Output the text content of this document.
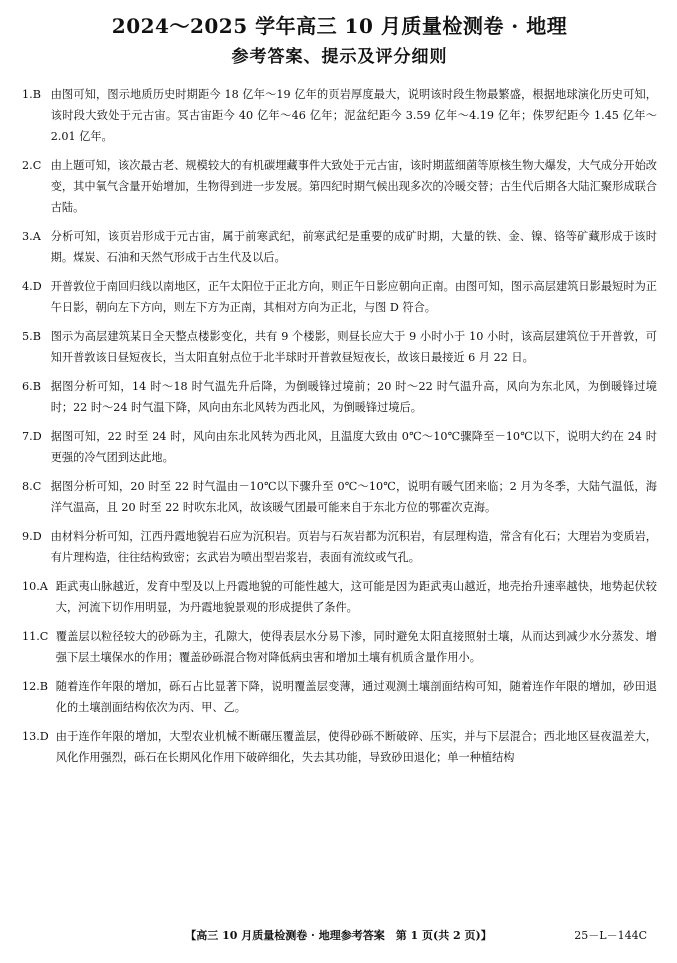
2024～2025 学年高三 10 月质量检测卷 · 地理
参考答案、提示及评分细则
1. B 由图可知，图示地质历史时期距今 18 亿年～19 亿年的页岩厚度最大，说明该时段生物最繁盛，根据地球演化历史可知，该时段大致处于元古宙。冥古宙距今 40 亿年～46 亿年；泥盆纪距今 3.59 亿年～4.19 亿年；侏罗纪距今 1.45 亿年～2.01 亿年。
2. C 由上题可知，该次最古老、规模较大的有机碳埋藏事件大致处于元古宙，该时期蓝细菌等原核生物大爆发，大气成分开始改变，其中氧气含量开始增加，生物得到进一步发展。第四纪时期气候出现多次的冷暖交替；古生代后期各大陆汇聚形成联合古陆。
3. A 分析可知，该页岩形成于元古宙，属于前寒武纪，前寒武纪是重要的成矿时期，大量的铁、金、镍、铬等矿藏形成于该时期。煤炭、石油和天然气形成于古生代及以后。
4. D 开普敦位于南回归线以南地区，正午太阳位于正北方向，则正午日影应朝向正南。由图可知，图示高层建筑日影最短时为正午日影，朝向左下方向，则左下方为正南，其相对方向为正北，与图 D 符合。
5. B 图示为高层建筑某日全天整点楼影变化，共有 9 个楼影，则昼长应大于 9 小时小于 10 小时，该高层建筑位于开普敦，可知开普敦该日昼短夜长，当太阳直射点位于北半球时开普敦昼短夜长，故该日最接近 6 月 22 日。
6. B 据图分析可知，14 时～18 时气温先升后降，为倒暖锋过境前；20 时～22 时气温升高，风向为东北风，为倒暖锋过境时；22 时～24 时气温下降，风向由东北风转为西北风，为倒暖锋过境后。
7. D 据图可知，22 时至 24 时，风向由东北风转为西北风，且温度大致由 0℃～10℃骤降至－10℃以下，说明大约在 24 时更强的冷气团到达此地。
8. C 据图分析可知，20 时至 22 时气温由－10℃以下骤升至 0℃～10℃，说明有暖气团来临；2 月为冬季，大陆气温低，海洋气温高，且 20 时至 22 时吹东北风，故该暖气团最可能来自于东北方位的鄂霍次克海。
9. D 由材料分析可知，江西丹霞地貌岩石应为沉积岩。页岩与石灰岩都为沉积岩，有层理构造，常含有化石；大理岩为变质岩，有片理构造，往往结构致密；玄武岩为喷出型岩浆岩，表面有流纹或气孔。
10. A 距武夷山脉越近，发育中型及以上丹霞地貌的可能性越大，这可能是因为距武夷山越近，地壳抬升速率越快，地势起伏较大，河流下切作用明显，为丹霞地貌景观的形成提供了条件。
11. C 覆盖层以粒径较大的砂砾为主，孔隙大，使得表层水分易下渗，同时避免太阳直接照射土壤，从而达到减少水分蒸发、增强下层土壤保水的作用；覆盖砂砾混合物对降低病虫害和增加土壤有机质含量作用小。
12. B 随着连作年限的增加，砾石占比显著下降，说明覆盖层变薄，通过观测土壤剖面结构可知，随着连作年限的增加，砂田退化的土壤剖面结构依次为丙、甲、乙。
13. D 由于连作年限的增加，大型农业机械不断碾压覆盖层，使得砂砾不断破碎、压实，并与下层混合；西北地区昼夜温差大，风化作用强烈，砾石在长期风化作用下破碎细化，失去其功能，导致砂田退化；单一种植结构
【高三 10 月质量检测卷 · 地理参考答案　第 1 页(共 2 页)】	25－L－144C
